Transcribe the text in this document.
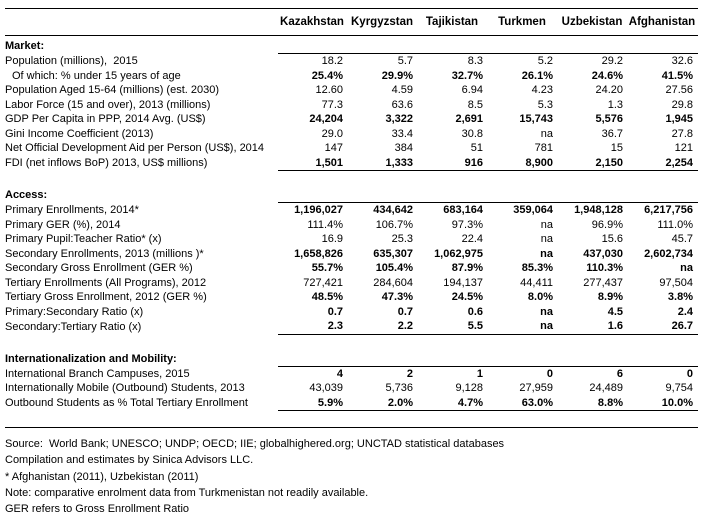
	Kazakhstan	Kyrgyzstan	Tajikistan	Turkmen	Uzbekistan	Afghanistan
Market:						
Population (millions),  2015	18.2	5.7	8.3	5.2	29.2	32.6
Of which: % under 15 years of age	25.4%	29.9%	32.7%	26.1%	24.6%	41.5%
Population Aged 15-64 (millions) (est. 2030)	12.60	4.59	6.94	4.23	24.20	27.56
Labor Force (15 and over), 2013 (millions)	77.3	63.6	8.5	5.3	1.3	29.8
GDP Per Capita in PPP, 2014 Avg. (US$)	24,204	3,322	2,691	15,743	5,576	1,945
Gini Income Coefficient (2013)	29.0	33.4	30.8	na	36.7	27.8
Net Official Development Aid per Person (US$), 2014	147	384	51	781	15	121
FDI (net inflows BoP) 2013, US$ millions)	1,501	1,333	916	8,900	2,150	2,254

Access:						
Primary Enrollments, 2014*	1,196,027	434,642	683,164	359,064	1,948,128	6,217,756
Primary GER (%), 2014	111.4%	106.7%	97.3%	na	96.9%	111.0%
Primary Pupil:Teacher Ratio* (x)	16.9	25.3	22.4	na	15.6	45.7
Secondary Enrollments, 2013 (millions )*	1,658,826	635,307	1,062,975	na	437,030	2,602,734
Secondary Gross Enrollment (GER %)	55.7%	105.4%	87.9%	85.3%	110.3%	na
Tertiary Enrollments (All Programs), 2012	727,421	284,604	194,137	44,411	277,437	97,504
Tertiary Gross Enrollment, 2012 (GER %)	48.5%	47.3%	24.5%	8.0%	8.9%	3.8%
Primary:Secondary Ratio (x)	0.7	0.7	0.6	na	4.5	2.4
Secondary:Tertiary Ratio (x)	2.3	2.2	5.5	na	1.6	26.7

Internationalization and Mobility:						
International Branch Campuses, 2015	4	2	1	0	6	0
Internationally Mobile (Outbound) Students, 2013	43,039	5,736	9,128	27,959	24,489	9,754
Outbound Students as % Total Tertiary Enrollment	5.9%	2.0%	4.7%	63.0%	8.8%	10.0%
Source:  World Bank; UNESCO; UNDP; OECD; IIE; globalhighered.org; UNCTAD statistical databases
Compilation and estimates by Sinica Advisors LLC.
* Afghanistan (2011), Uzbekistan (2011)
Note: comparative enrolment data from Turkmenistan not readily available.
GER refers to Gross Enrollment Ratio
